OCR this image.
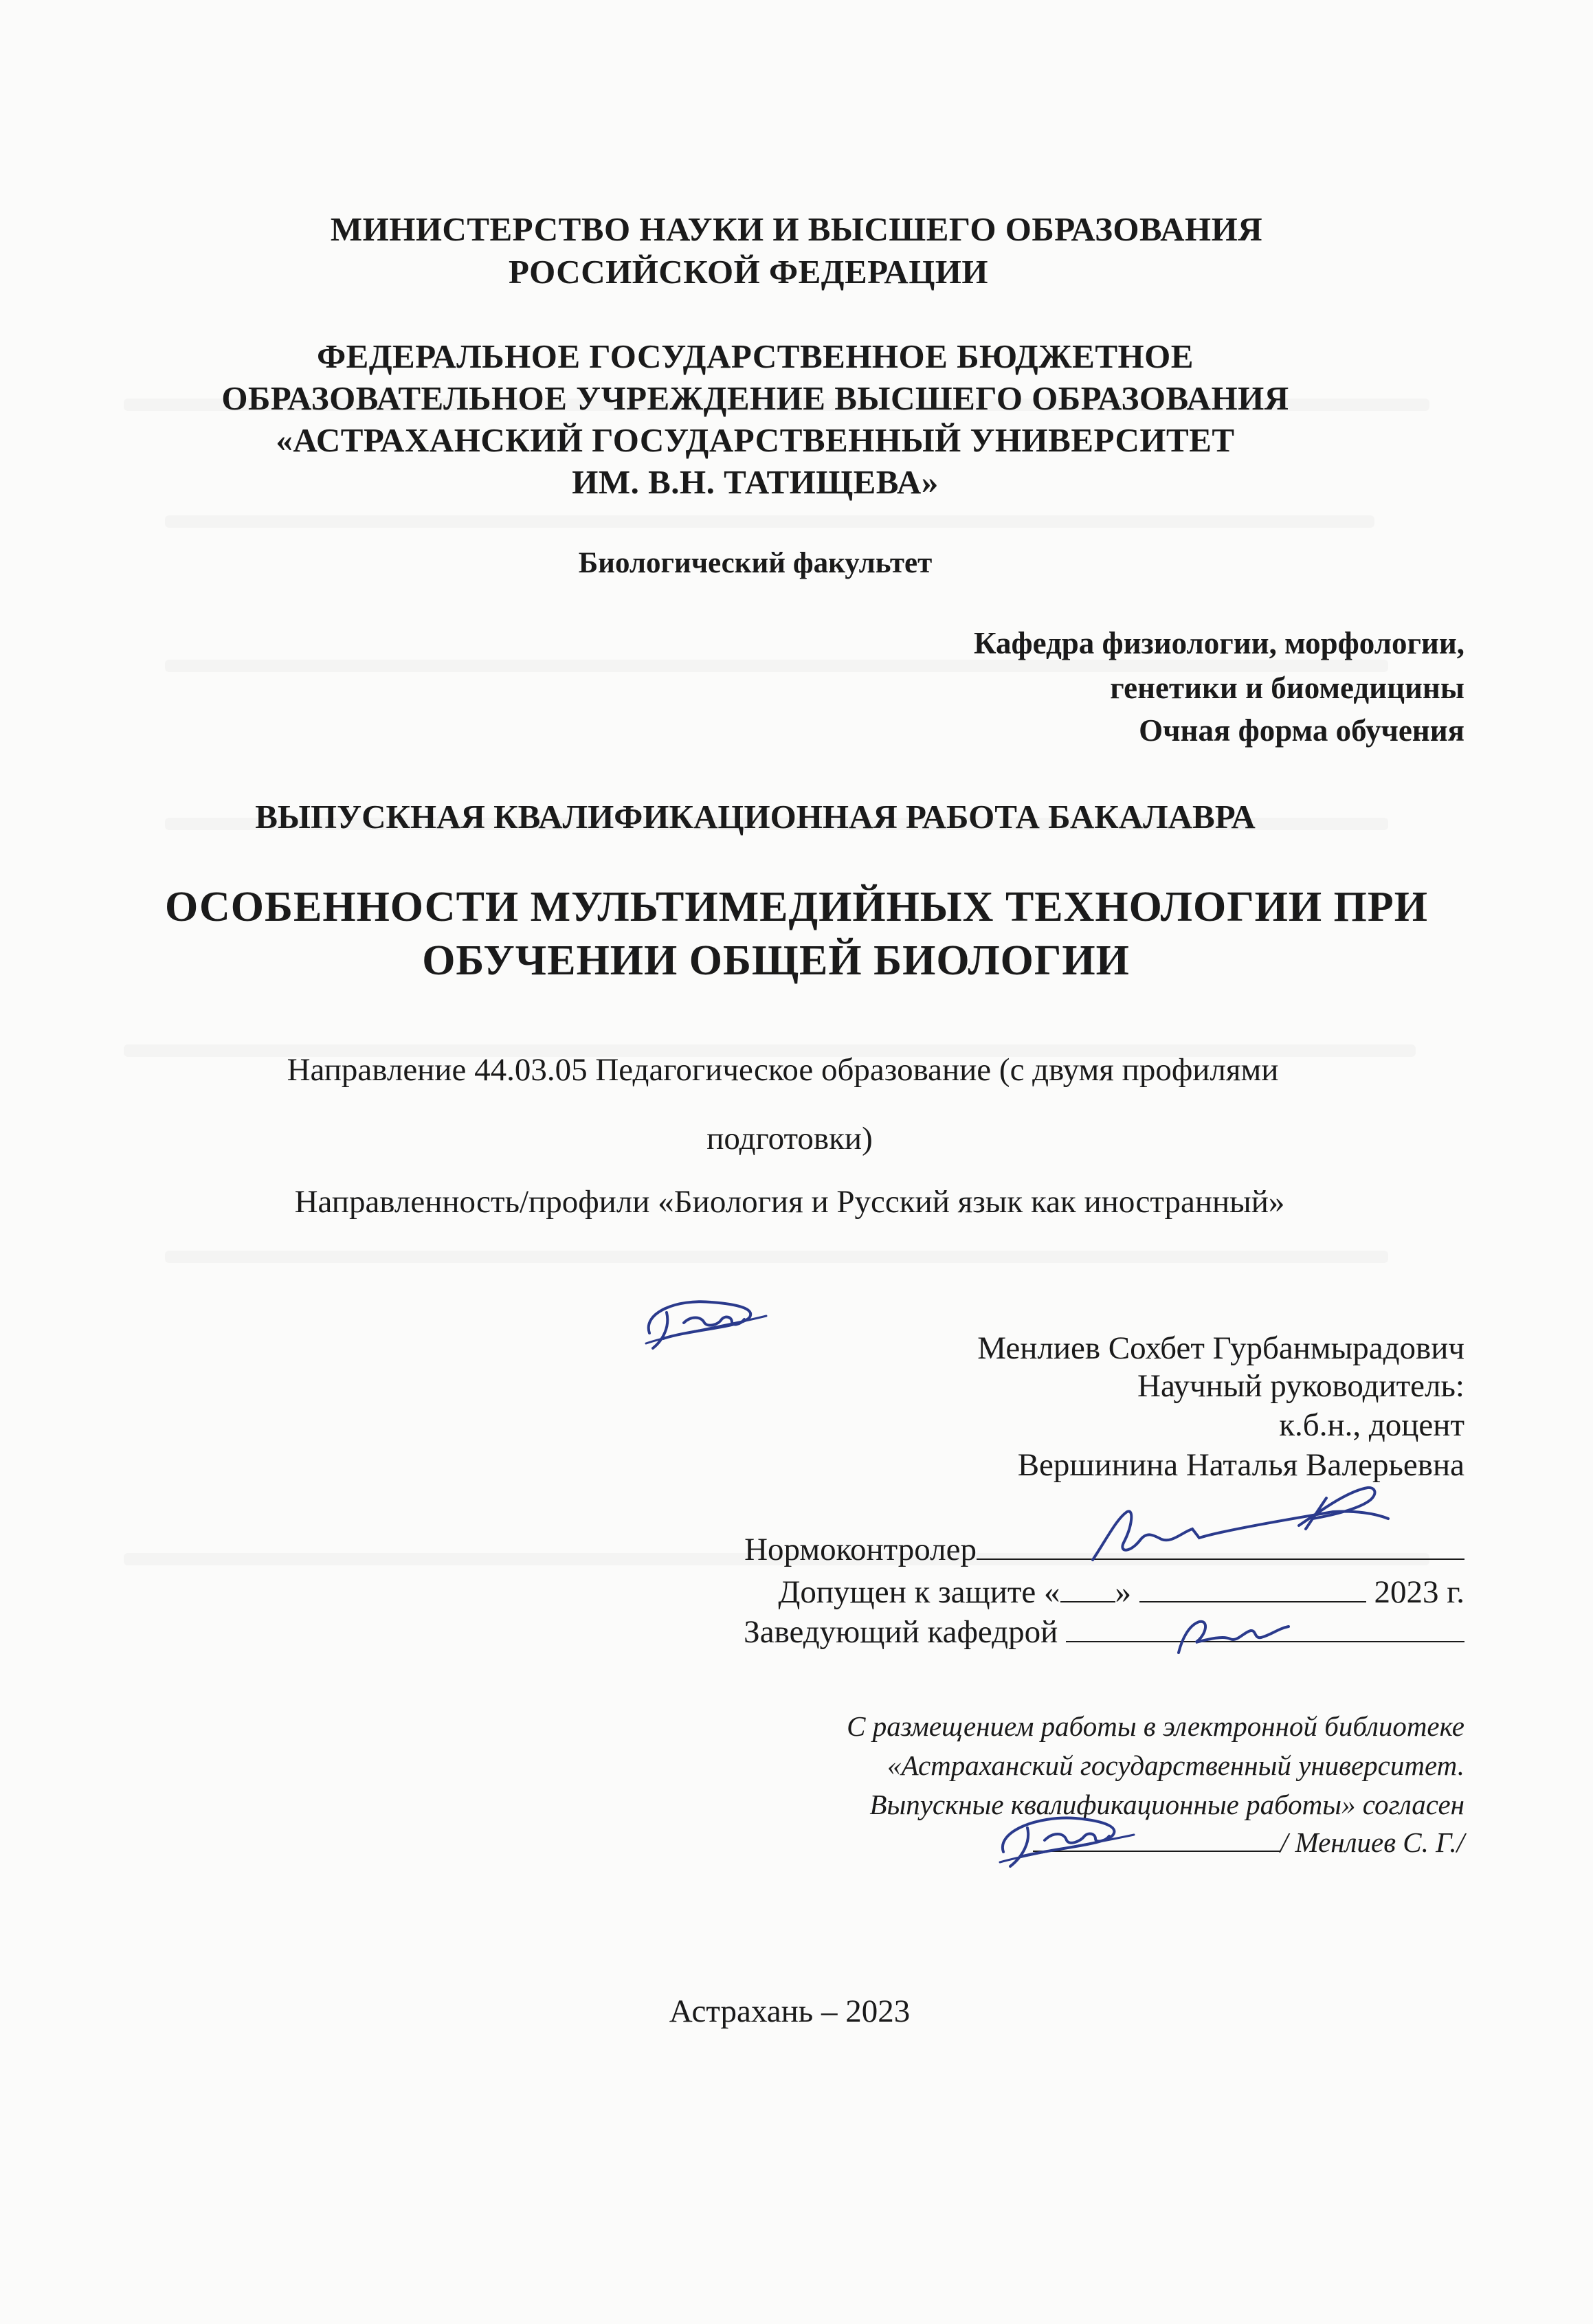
МИНИСТЕРСТВО НАУКИ И ВЫСШЕГО ОБРАЗОВАНИЯ
РОССИЙСКОЙ ФЕДЕРАЦИИ
ФЕДЕРАЛЬНОЕ ГОСУДАРСТВЕННОЕ БЮДЖЕТНОЕ
ОБРАЗОВАТЕЛЬНОЕ УЧРЕЖДЕНИЕ ВЫСШЕГО ОБРАЗОВАНИЯ
«АСТРАХАНСКИЙ ГОСУДАРСТВЕННЫЙ УНИВЕРСИТЕТ
ИМ. В.Н. ТАТИЩЕВА»
Биологический факультет
Кафедра физиологии, морфологии,
генетики и биомедицины
Очная форма обучения
ВЫПУСКНАЯ КВАЛИФИКАЦИОННАЯ РАБОТА БАКАЛАВРА
ОСОБЕННОСТИ МУЛЬТИМЕДИЙНЫХ ТЕХНОЛОГИИ ПРИ
ОБУЧЕНИИ ОБЩЕЙ БИОЛОГИИ
Направление 44.03.05 Педагогическое образование (с двумя профилями
подготовки)
Направленность/профили «Биология и Русский язык как иностранный»
Менлиев Сохбет Гурбанмырадович
Научный руководитель:
к.б.н., доцент
Вершинина Наталья Валерьевна
Нормоконтролер
Допущен к защите « »	2023 г.
Заведующий кафедрой
С размещением работы в электронной библиотеке
«Астраханский государственный университет.
Выпускные квалификационные работы» согласен
/ Менлиев С. Г./
Астрахань – 2023
